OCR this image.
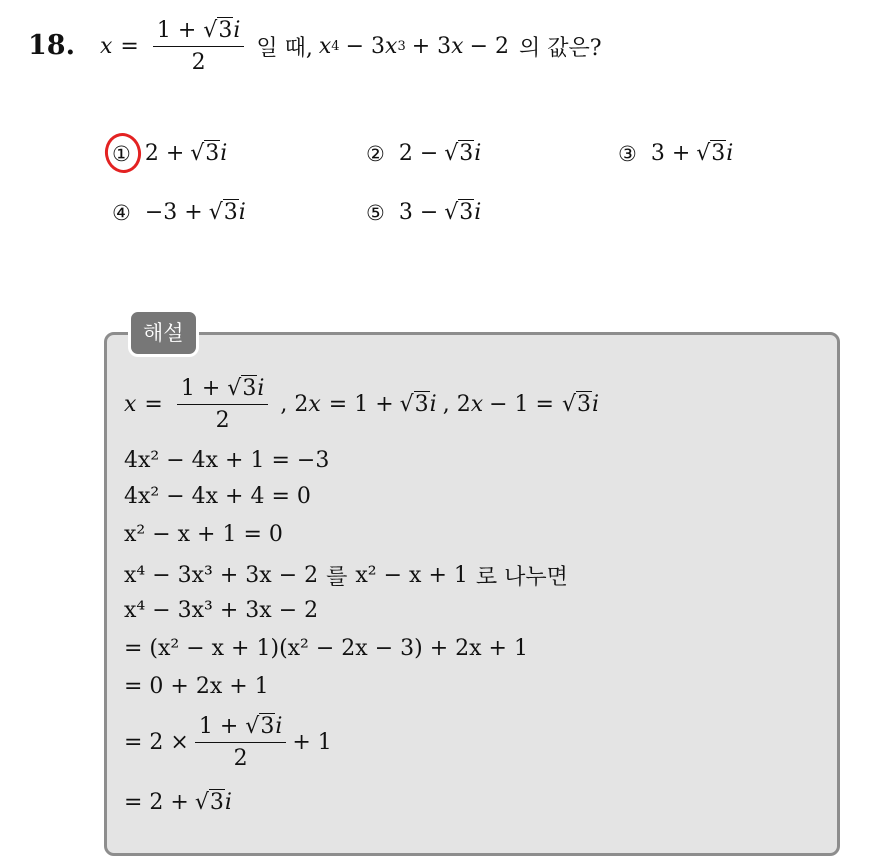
18. $x = \frac{1 + √3i}{2}$ 일 때, x 4 − 3 x 3 + 3 x − 2 의 값은?
① 2 + √3 i	② 2 − √3 i	③ 3 + √3 i
④ −3 + √3 i	⑤ 3 − √3 i
해설
$x = \frac{1 + √3i}{2}$ , 2 x = 1 + √3 i , 2 x − 1 = √3 i
4x² − 4x + 1 = −3
4x² − 4x + 4 = 0
x² − x + 1 = 0
x⁴ − 3x³ + 3x − 2 를 x² − x + 1 로 나누면
x⁴ − 3x³ + 3x − 2
= (x² − x + 1)(x² − 2x − 3) + 2x + 1
= 0 + 2x + 1
= $2 \times \frac{1 + √3i}{2} + 1$
= 2 + √3 i
